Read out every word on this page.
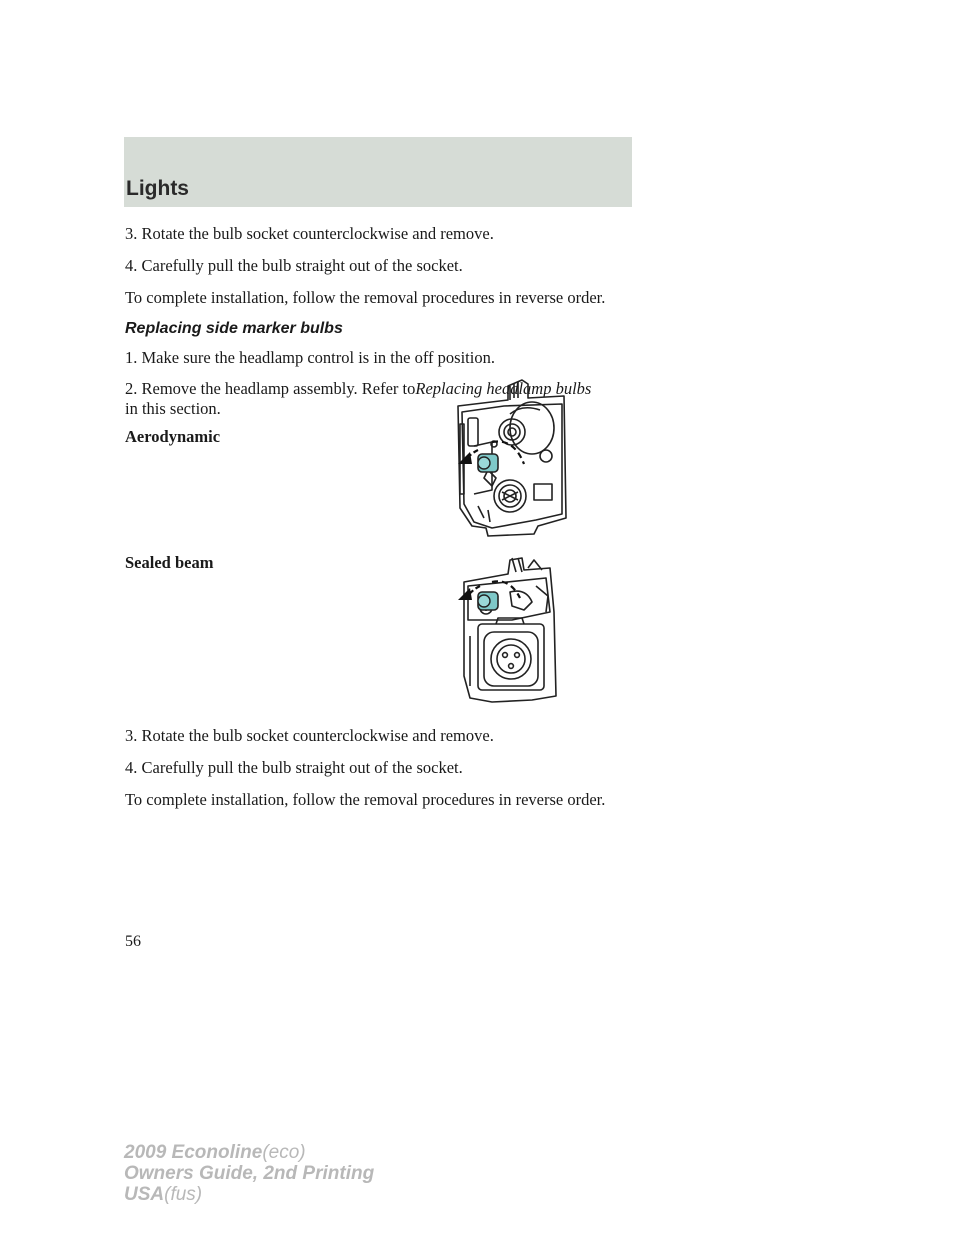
Lights

3. Rotate the bulb socket counterclockwise and remove.

4. Carefully pull the bulb straight out of the socket.

To complete installation, follow the removal procedures in reverse order.

Replacing side marker bulbs

1. Make sure the headlamp control is in the off position.

2. Remove the headlamp assembly. Refer toReplacing headlamp bulbs

in this section.

Aerodynamic

Sealed beam

3. Rotate the bulb socket counterclockwise and remove.

4. Carefully pull the bulb straight out of the socket.

To complete installation, follow the removal procedures in reverse order.

56
2009 Econoline(eco)
Owners Guide, 2nd Printing
USA(fus)
